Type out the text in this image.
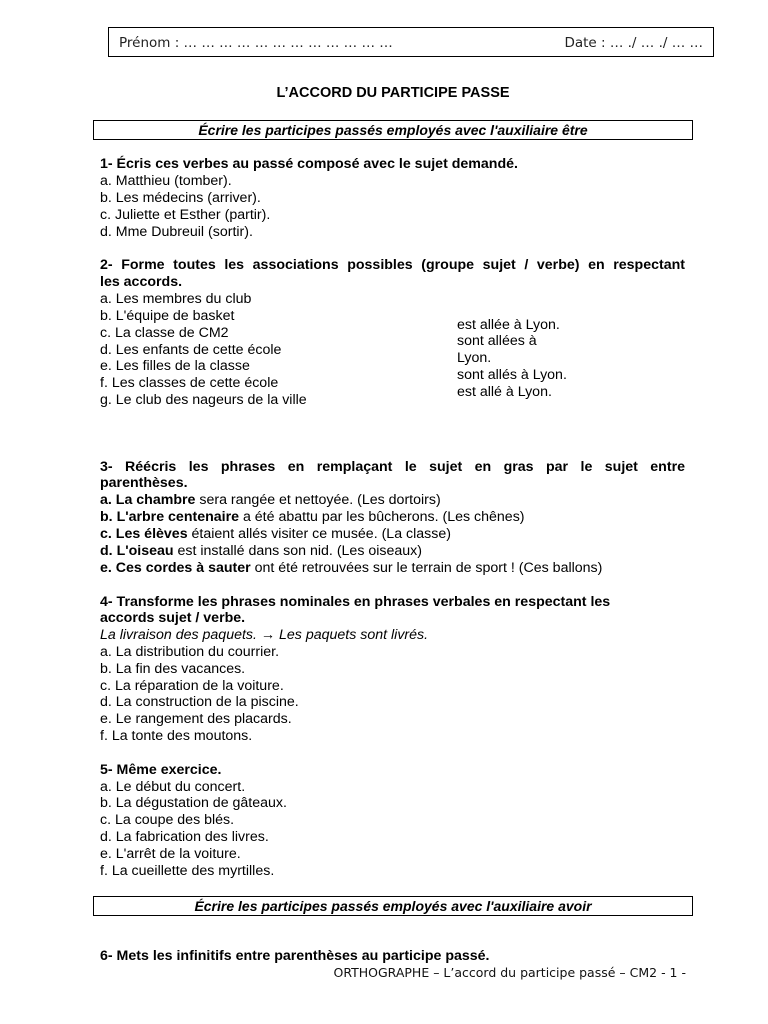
Prénom : … … … … … … … … … … … …	Date : … ./ … ./ … …
L’ACCORD DU PARTICIPE PASSE
Écrire les participes passés employés avec l'auxiliaire être
1- Écris ces verbes au passé composé avec le sujet demandé.
a. Matthieu (tomber).
b. Les médecins (arriver).
c. Juliette et Esther (partir).
d. Mme Dubreuil (sortir).
2- Forme toutes les associations possibles (groupe sujet / verbe) en respectant
les accords.
a. Les membres du club
b. L'équipe de basket
c. La classe de CM2
d. Les enfants de cette école
e. Les filles de la classe
f. Les classes de cette école
g. Le club des nageurs de la ville
est allée à Lyon.
sont allées à
Lyon.
sont allés à Lyon.
est allé à Lyon.
3- Réécris les phrases en remplaçant le sujet en gras par le sujet entre
parenthèses.
a. La chambre sera rangée et nettoyée. (Les dortoirs)
b. L'arbre centenaire a été abattu par les bûcherons. (Les chênes)
c. Les élèves étaient allés visiter ce musée. (La classe)
d. L'oiseau est installé dans son nid. (Les oiseaux)
e. Ces cordes à sauter ont été retrouvées sur le terrain de sport ! (Ces ballons)
4- Transforme les phrases nominales en phrases verbales en respectant les
accords sujet / verbe.
La livraison des paquets. → Les paquets sont livrés.
a. La distribution du courrier.
b. La fin des vacances.
c. La réparation de la voiture.
d. La construction de la piscine.
e. Le rangement des placards.
f. La tonte des moutons.
5- Même exercice.
a. Le début du concert.
b. La dégustation de gâteaux.
c. La coupe des blés.
d. La fabrication des livres.
e. L'arrêt de la voiture.
f. La cueillette des myrtilles.
Écrire les participes passés employés avec l'auxiliaire avoir
6- Mets les infinitifs entre parenthèses au participe passé.
ORTHOGRAPHE – L’accord du participe passé – CM2 - 1 -
